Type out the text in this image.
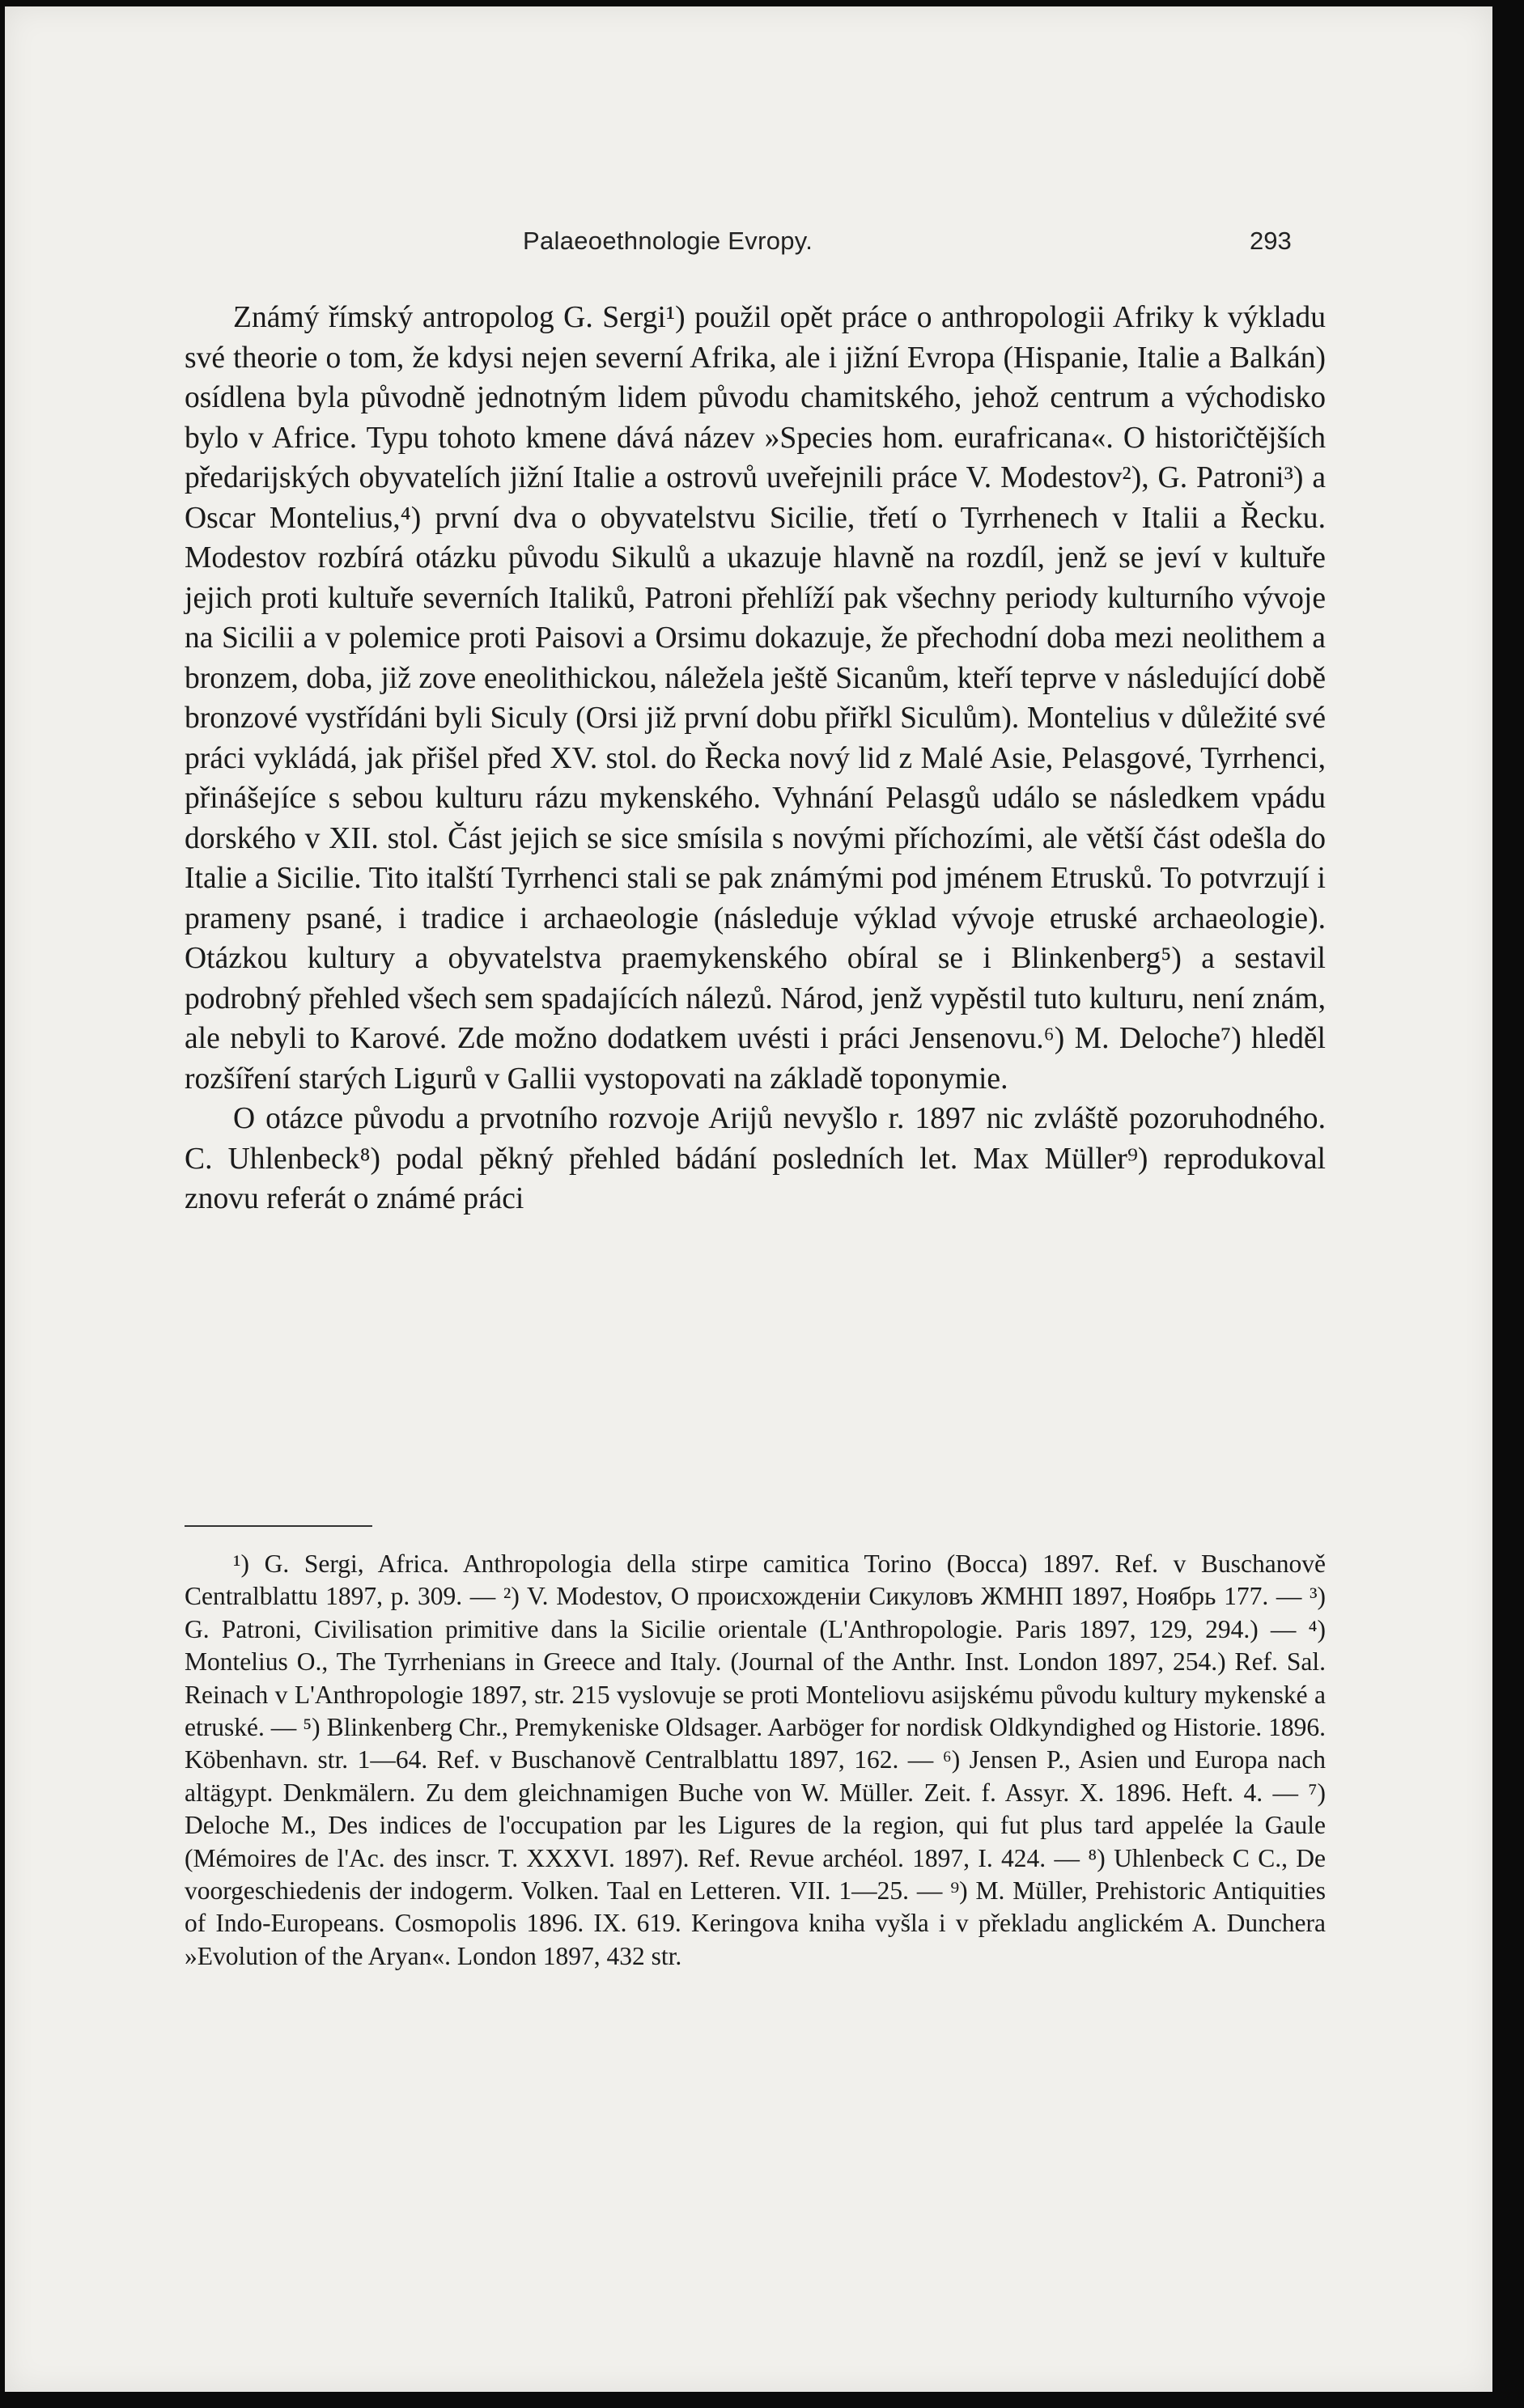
Palaeoethnologie Evropy.	293

Známý římský antropolog G. Sergi¹) použil opět práce o anthropologii Afriky k výkladu své theorie o tom, že kdysi nejen severní Afrika, ale i jižní Evropa (Hispanie, Italie a Balkán) osídlena byla původně jednotným lidem původu chamitského, jehož centrum a východisko bylo v Africe. Typu tohoto kmene dává název »Species hom. eurafricana«. O historičtějších předarijských obyvatelích jižní Italie a ostrovů uveřejnili práce V. Modestov²), G. Patroni³) a Oscar Montelius,⁴) první dva o obyvatelstvu Sicilie, třetí o Tyrrhenech v Italii a Řecku. Modestov rozbírá otázku původu Sikulů a ukazuje hlavně na rozdíl, jenž se jeví v kultuře jejich proti kultuře severních Italiků, Patroni přehlíží pak všechny periody kulturního vývoje na Sicilii a v polemice proti Paisovi a Orsimu dokazuje, že přechodní doba mezi neolithem a bronzem, doba, již zove eneolithickou, náležela ještě Sicanům, kteří teprve v následující době bronzové vystřídáni byli Siculy (Orsi již první dobu přiřkl Siculům). Montelius v důležité své práci vykládá, jak přišel před XV. stol. do Řecka nový lid z Malé Asie, Pelasgové, Tyrrhenci, přinášejíce s sebou kulturu rázu mykenského. Vyhnání Pelasgů událo se následkem vpádu dorského v XII. stol. Část jejich se sice smísila s novými příchozími, ale větší část odešla do Italie a Sicilie. Tito italští Tyrrhenci stali se pak známými pod jménem Etrusků. To potvrzují i prameny psané, i tradice i archaeologie (následuje výklad vývoje etruské archaeologie). Otázkou kultury a obyvatelstva praemykenského obíral se i Blinkenberg⁵) a sestavil podrobný přehled všech sem spadajících nálezů. Národ, jenž vypěstil tuto kulturu, není znám, ale nebyli to Karové. Zde možno dodatkem uvésti i práci Jensenovu.⁶) M. Deloche⁷) hleděl rozšíření starých Ligurů v Gallii vystopovati na základě toponymie.

O otázce původu a prvotního rozvoje Arijů nevyšlo r. 1897 nic zvláště pozoruhodného. C. Uhlenbeck⁸) podal pěkný přehled bádání posledních let. Max Müller⁹) reprodukoval znovu referát o známé práci

¹) G. Sergi, Africa. Anthropologia della stirpe camitica Torino (Bocca) 1897. Ref. v Buschanově Centralblattu 1897, p. 309. — ²) V. Modestov, O происхожденіи Сикуловъ ЖМНП 1897, Ноябрь 177. — ³) G. Patroni, Civilisation primitive dans la Sicilie orientale (L'Anthropologie. Paris 1897, 129, 294.) — ⁴) Montelius O., The Tyrrhenians in Greece and Italy. (Journal of the Anthr. Inst. London 1897, 254.) Ref. Sal. Reinach v L'Anthropologie 1897, str. 215 vyslovuje se proti Monteliovu asijskému původu kultury mykenské a etruské. — ⁵) Blinkenberg Chr., Premykeniske Oldsager. Aarböger for nordisk Oldkyndighed og Historie. 1896. Köbenhavn. str. 1—64. Ref. v Buschanově Centralblattu 1897, 162. — ⁶) Jensen P., Asien und Europa nach altägypt. Denkmälern. Zu dem gleichnamigen Buche von W. Müller. Zeit. f. Assyr. X. 1896. Heft. 4. — ⁷) Deloche M., Des indices de l'occupation par les Ligures de la region, qui fut plus tard appelée la Gaule (Mémoires de l'Ac. des inscr. T. XXXVI. 1897). Ref. Revue archéol. 1897, I. 424. — ⁸) Uhlenbeck C C., De voorgeschiedenis der indogerm. Volken. Taal en Letteren. VII. 1—25. — ⁹) M. Müller, Prehistoric Antiquities of Indo-Europeans. Cosmopolis 1896. IX. 619. Keringova kniha vyšla i v překladu anglickém A. Dunchera »Evolution of the Aryan«. London 1897, 432 str.
